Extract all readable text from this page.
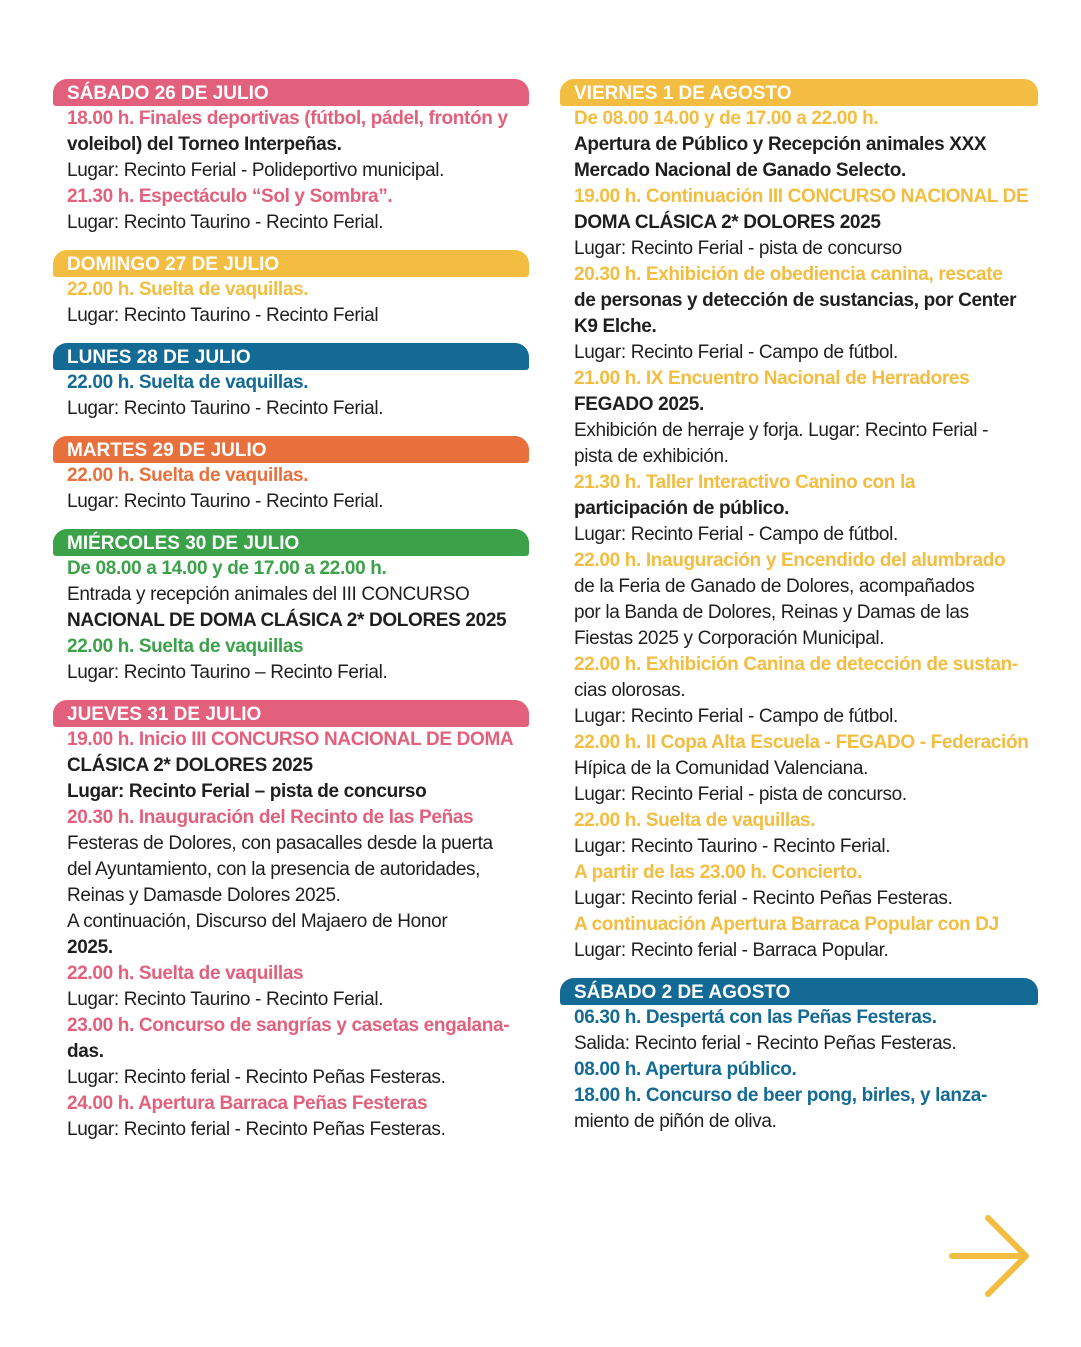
SÁBADO 26 DE JULIO
18.00 h. Finales deportivas (fútbol, pádel, frontón y
voleibol) del Torneo Interpeñas.
Lugar: Recinto Ferial - Polideportivo municipal.
21.30 h. Espectáculo “Sol y Sombra”.
Lugar: Recinto Taurino - Recinto Ferial.
DOMINGO 27 DE JULIO
22.00 h. Suelta de vaquillas.
Lugar: Recinto Taurino - Recinto Ferial
LUNES 28 DE JULIO
22.00 h. Suelta de vaquillas.
Lugar: Recinto Taurino - Recinto Ferial.
MARTES 29 DE JULIO
22.00 h. Suelta de vaquillas.
Lugar: Recinto Taurino - Recinto Ferial.
MIÉRCOLES 30 DE JULIO
De 08.00 a 14.00 y de 17.00 a 22.00 h.
Entrada y recepción animales del III CONCURSO
NACIONAL DE DOMA CLÁSICA 2* DOLORES 2025
22.00 h. Suelta de vaquillas
Lugar: Recinto Taurino – Recinto Ferial.
JUEVES 31 DE JULIO
19.00 h. Inicio III CONCURSO NACIONAL DE DOMA
CLÁSICA 2* DOLORES 2025
Lugar: Recinto Ferial – pista de concurso
20.30 h. Inauguración del Recinto de las Peñas
Festeras de Dolores, con pasacalles desde la puerta
del Ayuntamiento, con la presencia de autoridades,
Reinas y Damasde Dolores 2025.
A continuación, Discurso del Majaero de Honor
2025.
22.00 h. Suelta de vaquillas
Lugar: Recinto Taurino - Recinto Ferial.
23.00 h. Concurso de sangrías y casetas engalana-
das.
Lugar: Recinto ferial - Recinto Peñas Festeras.
24.00 h. Apertura Barraca Peñas Festeras
Lugar: Recinto ferial - Recinto Peñas Festeras.
VIERNES 1 DE AGOSTO
De 08.00 14.00 y de 17.00 a 22.00 h.
Apertura de Público y Recepción animales XXX
Mercado Nacional de Ganado Selecto.
19.00 h. Continuación III CONCURSO NACIONAL DE
DOMA CLÁSICA 2* DOLORES 2025
Lugar: Recinto Ferial - pista de concurso
20.30 h. Exhibición de obediencia canina, rescate
de personas y detección de sustancias, por Center
K9 Elche.
Lugar: Recinto Ferial - Campo de fútbol.
21.00 h. IX Encuentro Nacional de Herradores
FEGADO 2025.
Exhibición de herraje y forja. Lugar: Recinto Ferial -
pista de exhibición.
21.30 h. Taller Interactivo Canino con la
participación de público.
Lugar: Recinto Ferial - Campo de fútbol.
22.00 h. Inauguración y Encendido del alumbrado
de la Feria de Ganado de Dolores, acompañados
por la Banda de Dolores, Reinas y Damas de las
Fiestas 2025 y Corporación Municipal.
22.00 h. Exhibición Canina de detección de sustan-
cias olorosas.
Lugar: Recinto Ferial - Campo de fútbol.
22.00 h. II Copa Alta Escuela - FEGADO - Federación
Hípica de la Comunidad Valenciana.
Lugar: Recinto Ferial - pista de concurso.
22.00 h. Suelta de vaquillas.
Lugar: Recinto Taurino - Recinto Ferial.
A partir de las 23.00 h. Concierto.
Lugar: Recinto ferial - Recinto Peñas Festeras.
A continuación Apertura Barraca Popular con DJ
Lugar: Recinto ferial - Barraca Popular.
SÁBADO 2 DE AGOSTO
06.30 h. Despertá con las Peñas Festeras.
Salida: Recinto ferial - Recinto Peñas Festeras.
08.00 h. Apertura público.
18.00 h. Concurso de beer pong, birles, y lanza-
miento de piñón de oliva.
